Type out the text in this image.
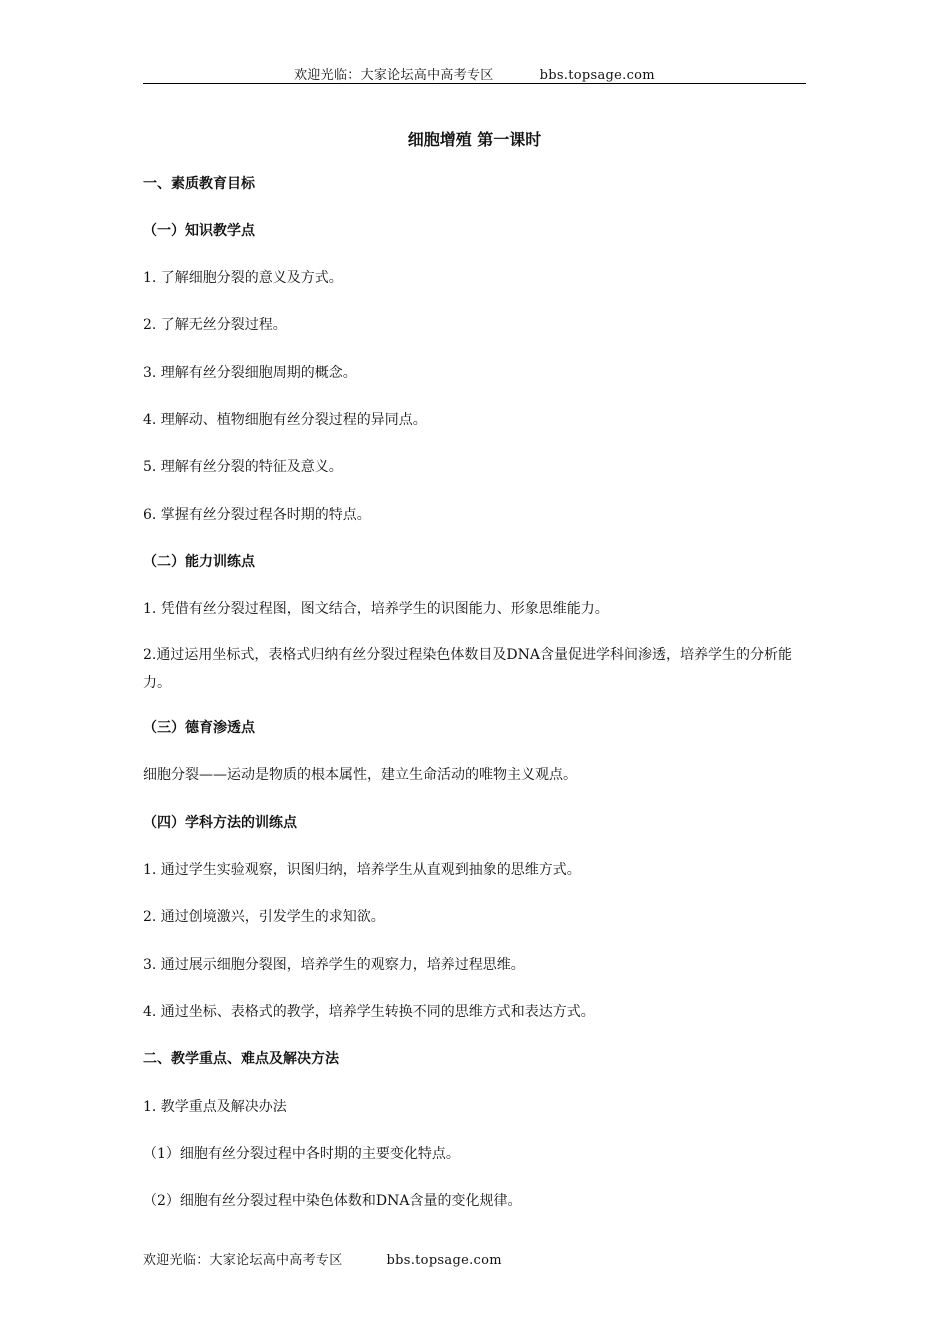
欢迎光临：大家论坛高中高考专区	bbs.topsage.com
细胞增殖 第一课时
一、素质教育目标
（一）知识教学点
1. 了解细胞分裂的意义及方式。
2. 了解无丝分裂过程。
3. 理解有丝分裂细胞周期的概念。
4. 理解动、植物细胞有丝分裂过程的异同点。
5. 理解有丝分裂的特征及意义。
6. 掌握有丝分裂过程各时期的特点。
（二）能力训练点
1. 凭借有丝分裂过程图，图文结合，培养学生的识图能力、形象思维能力。
2.通过运用坐标式，表格式归纳有丝分裂过程染色体数目及DNA含量促进学科间渗透，培养学生的分析能力。
（三）德育渗透点
细胞分裂——运动是物质的根本属性，建立生命活动的唯物主义观点。
（四）学科方法的训练点
1. 通过学生实验观察，识图归纳，培养学生从直观到抽象的思维方式。
2. 通过创境激兴，引发学生的求知欲。
3. 通过展示细胞分裂图，培养学生的观察力，培养过程思维。
4. 通过坐标、表格式的教学，培养学生转换不同的思维方式和表达方式。
二、教学重点、难点及解决方法
1. 教学重点及解决办法
（1）细胞有丝分裂过程中各时期的主要变化特点。
（2）细胞有丝分裂过程中染色体数和DNA含量的变化规律。
欢迎光临：大家论坛高中高考专区	bbs.topsage.com
